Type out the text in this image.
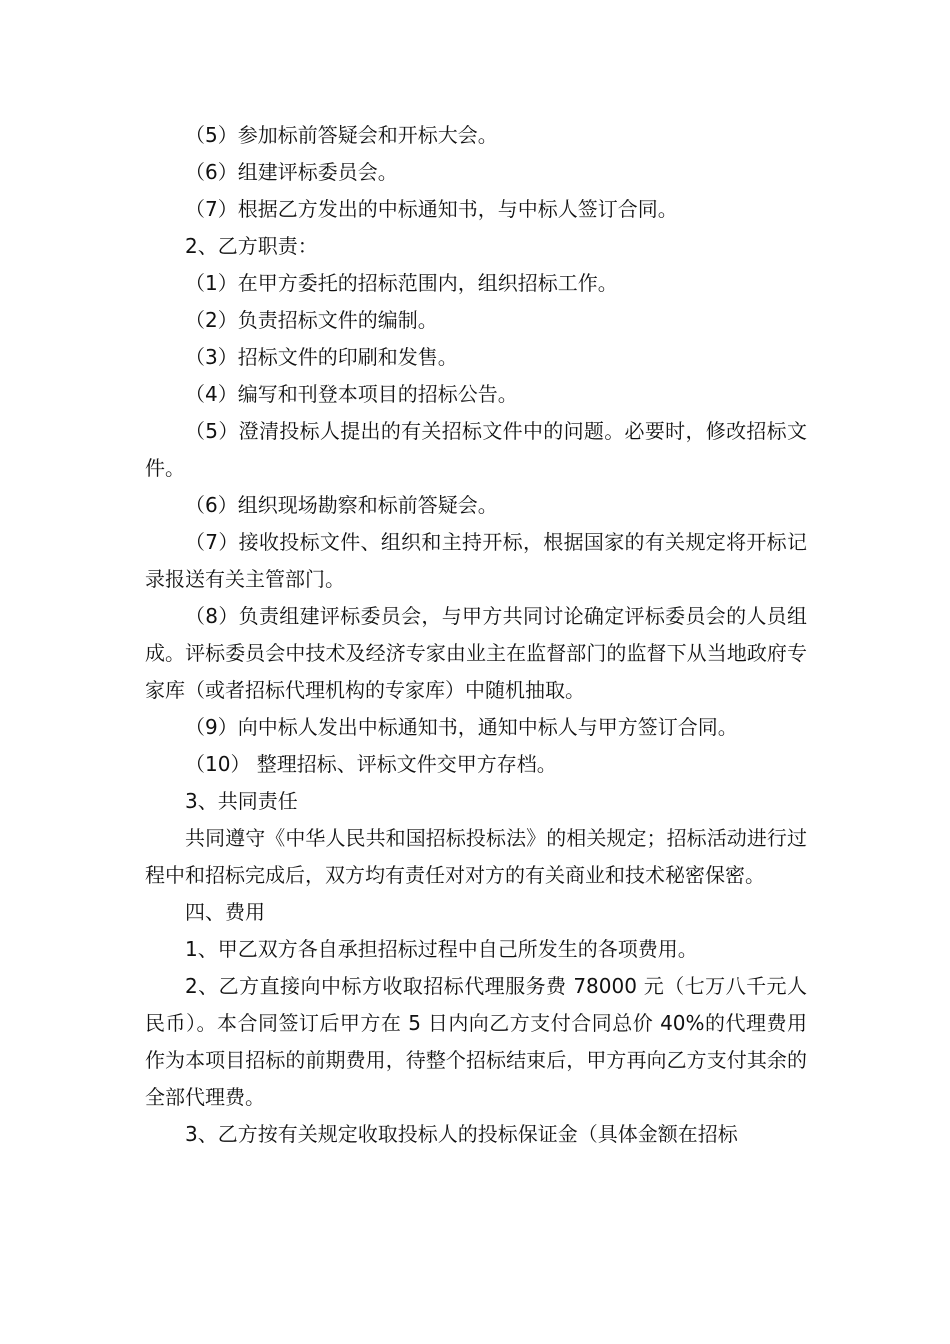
（5）参加标前答疑会和开标大会。

（6）组建评标委员会。

（7）根据乙方发出的中标通知书，与中标人签订合同。

2、乙方职责：

（1）在甲方委托的招标范围内，组织招标工作。

（2）负责招标文件的编制。

（3）招标文件的印刷和发售。

（4）编写和刊登本项目的招标公告。

（5）澄清投标人提出的有关招标文件中的问题。必要时，修改招标文件。

（6）组织现场勘察和标前答疑会。

（7）接收投标文件、组织和主持开标，根据国家的有关规定将开标记录报送有关主管部门。

（8）负责组建评标委员会，与甲方共同讨论确定评标委员会的人员组成。评标委员会中技术及经济专家由业主在监督部门的监督下从当地政府专家库（或者招标代理机构的专家库）中随机抽取。

（9）向中标人发出中标通知书，通知中标人与甲方签订合同。

（10） 整理招标、评标文件交甲方存档。

3、共同责任

共同遵守《中华人民共和国招标投标法》的相关规定；招标活动进行过程中和招标完成后，双方均有责任对对方的有关商业和技术秘密保密。

四、费用

1、甲乙双方各自承担招标过程中自己所发生的各项费用。

2、乙方直接向中标方收取招标代理服务费 78000 元（七万八千元人民币）。本合同签订后甲方在 5 日内向乙方支付合同总价 40%的代理费用作为本项目招标的前期费用，待整个招标结束后，甲方再向乙方支付其余的全部代理费。

3、乙方按有关规定收取投标人的投标保证金（具体金额在招标
